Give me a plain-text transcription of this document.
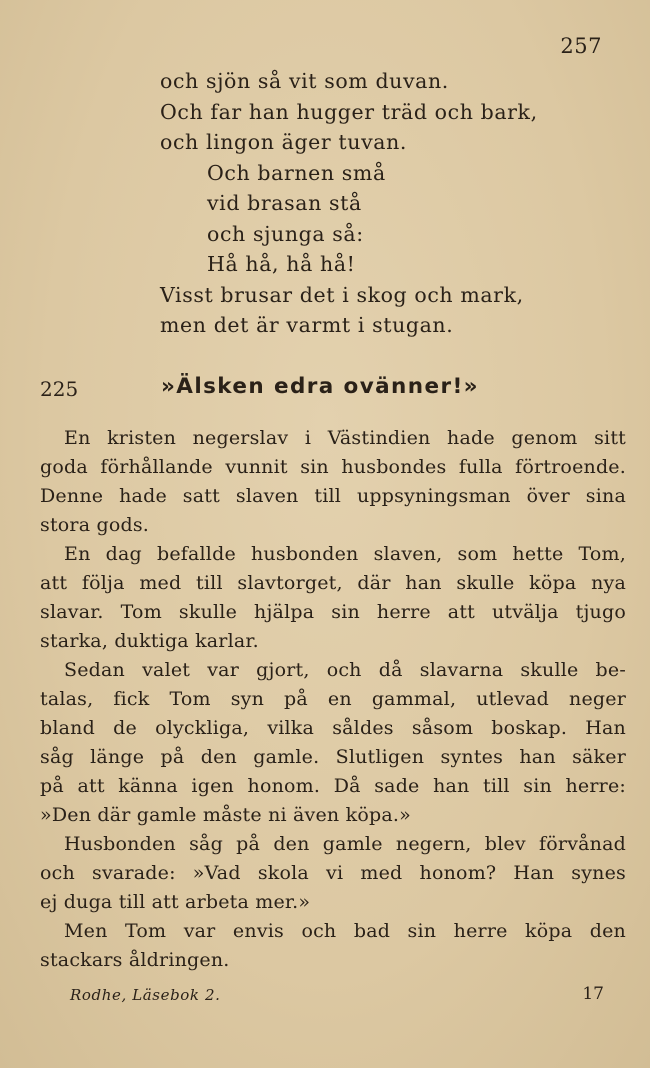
257
och sjön så vit som duvan.
Och far han hugger träd och bark,
och lingon äger tuvan.
Och barnen små
vid brasan stå
och sjunga så:
Hå hå, hå hå!
Visst brusar det i skog och mark,
men det är varmt i stugan.
225	»Älsken edra ovänner!»
En kristen negerslav i Västindien hade genom sitt
goda förhållande vunnit sin husbondes fulla förtroende.
Denne hade satt slaven till uppsyningsman över sina
stora gods.
En dag befallde husbonden slaven, som hette Tom,
att följa med till slavtorget, där han skulle köpa nya
slavar. Tom skulle hjälpa sin herre att utvälja tjugo
starka, duktiga karlar.
Sedan valet var gjort, och då slavarna skulle be-
talas, fick Tom syn på en gammal, utlevad neger
bland de olyckliga, vilka såldes såsom boskap. Han
såg länge på den gamle. Slutligen syntes han säker
på att känna igen honom. Då sade han till sin herre:
»Den där gamle måste ni även köpa.»
Husbonden såg på den gamle negern, blev förvånad
och svarade: »Vad skola vi med honom? Han synes
ej duga till att arbeta mer.»
Men Tom var envis och bad sin herre köpa den
stackars åldringen.
Rodhe, Läsebok 2.	17
